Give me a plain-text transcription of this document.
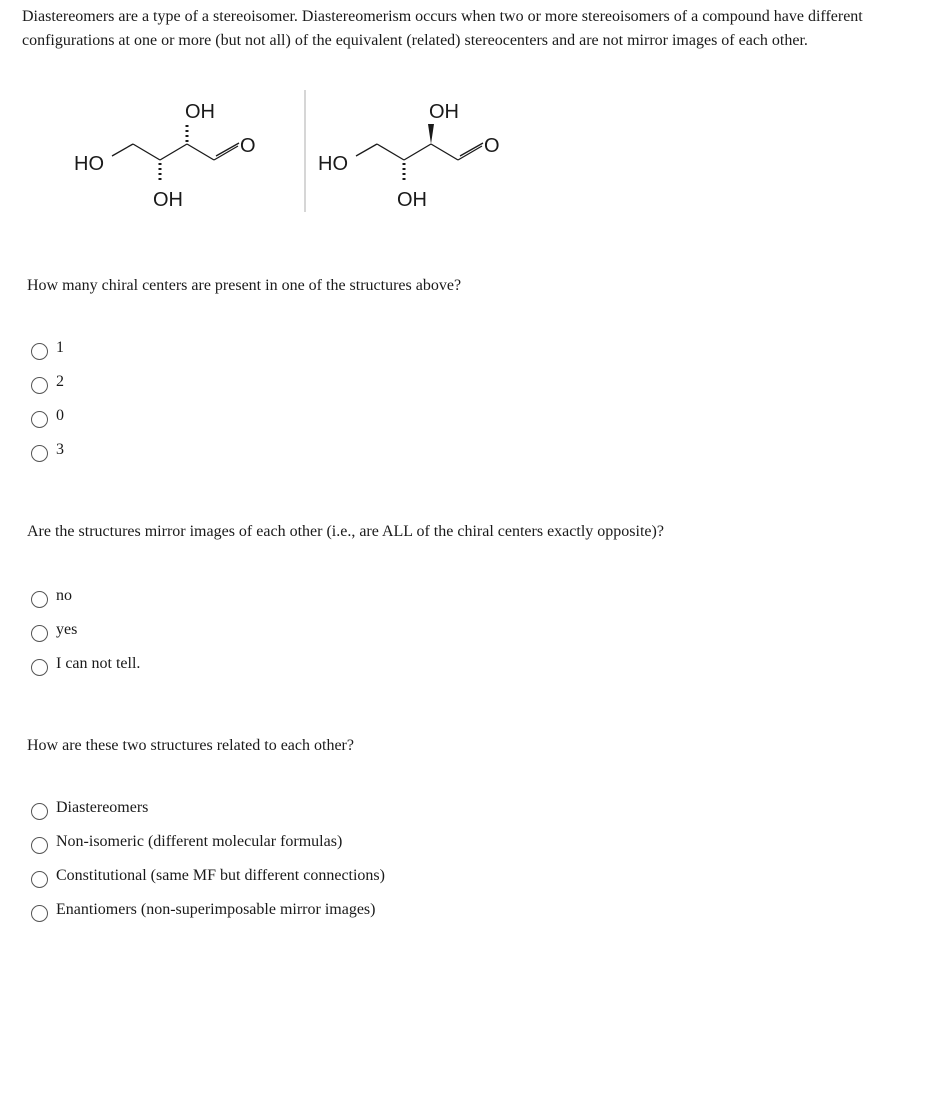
Diastereomers are a type of a stereoisomer. Diastereomerism occurs when two or more stereoisomers of a compound have different configurations at one or more (but not all) of the equivalent (related) stereocenters and are not mirror images of each other.

HO
O
OH
OH
HO
O
OH
OH

How many chiral centers are present in one of the structures above?

1
2
0
3

Are the structures mirror images of each other (i.e., are ALL of the chiral centers exactly opposite)?

no
yes
I can not tell.

How are these two structures related to each other?

Diastereomers
Non-isomeric (different molecular formulas)
Constitutional (same MF but different connections)
Enantiomers (non-superimposable mirror images)
